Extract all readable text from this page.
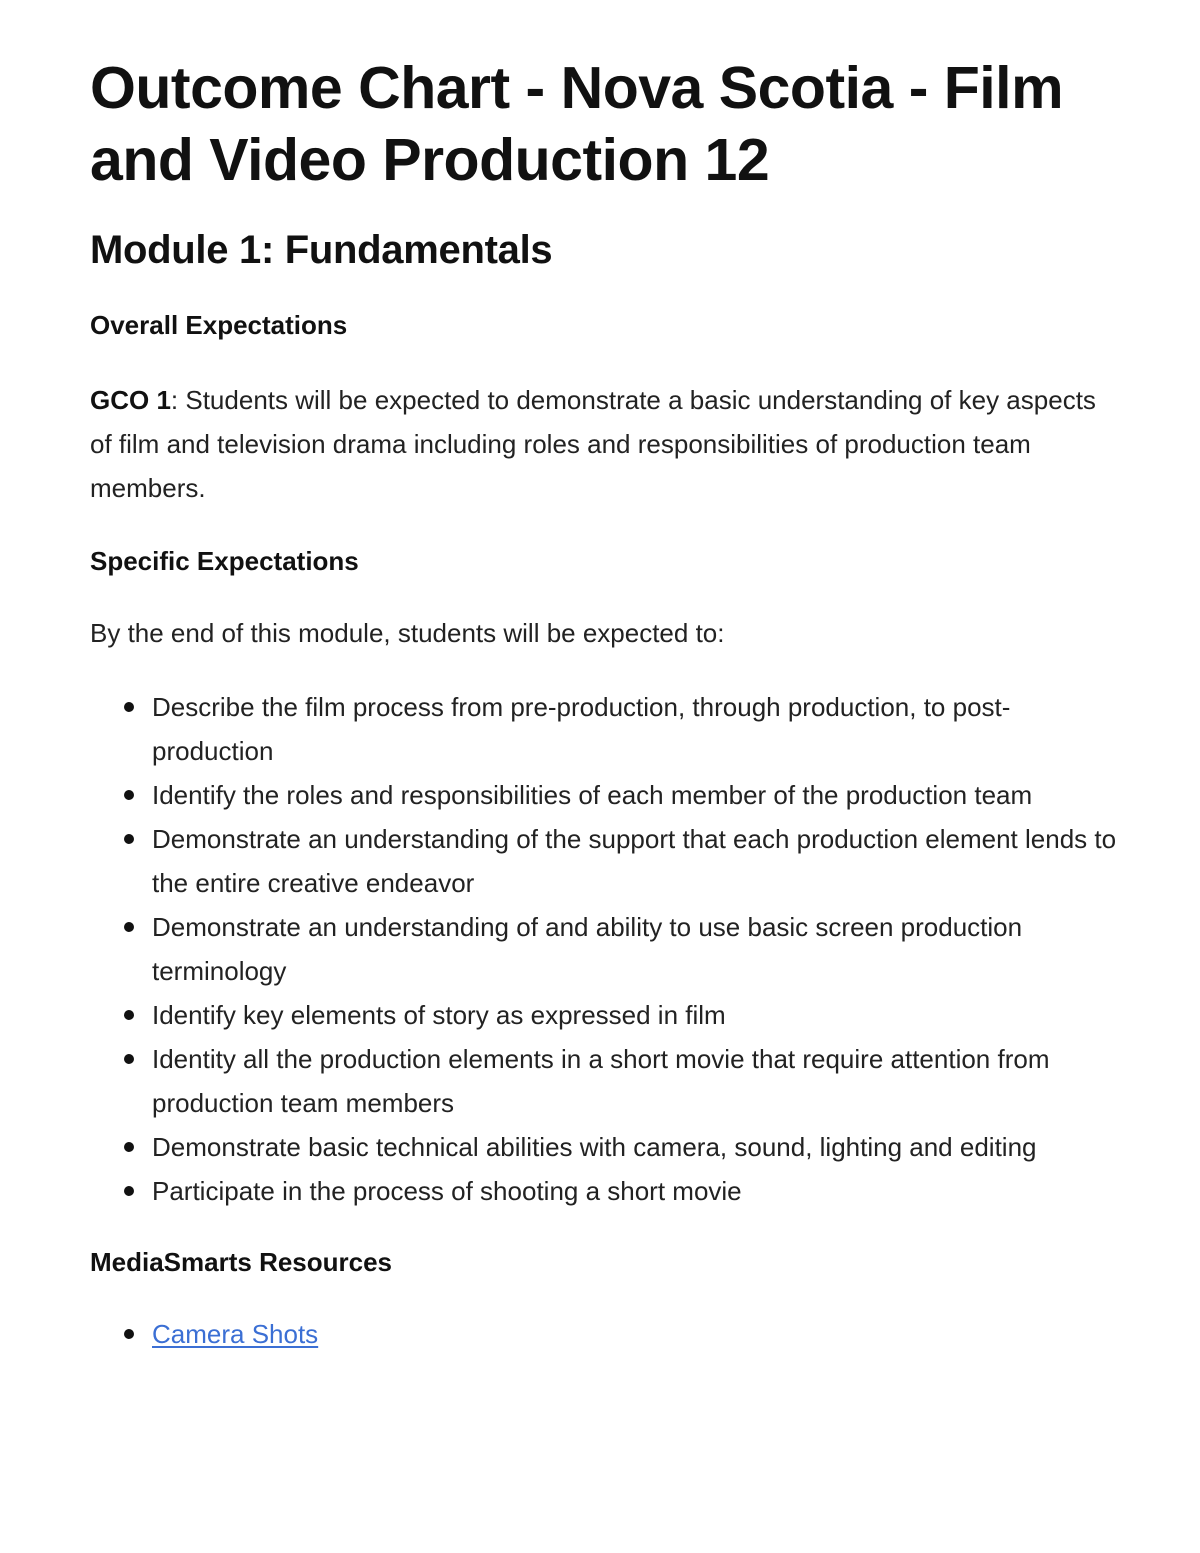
Outcome Chart - Nova Scotia - Film and Video Production 12
Module 1: Fundamentals
Overall Expectations

GCO 1: Students will be expected to demonstrate a basic understanding of key aspects of film and television drama including roles and responsibilities of production team members.

Specific Expectations

By the end of this module, students will be expected to:

Describe the film process from pre-production, through production, to post-production
Identify the roles and responsibilities of each member of the production team
Demonstrate an understanding of the support that each production element lends to the entire creative endeavor
Demonstrate an understanding of and ability to use basic screen production terminology
Identify key elements of story as expressed in film
Identity all the production elements in a short movie that require attention from production team members
Demonstrate basic technical abilities with camera, sound, lighting and editing
Participate in the process of shooting a short movie
MediaSmarts Resources
Camera Shots
